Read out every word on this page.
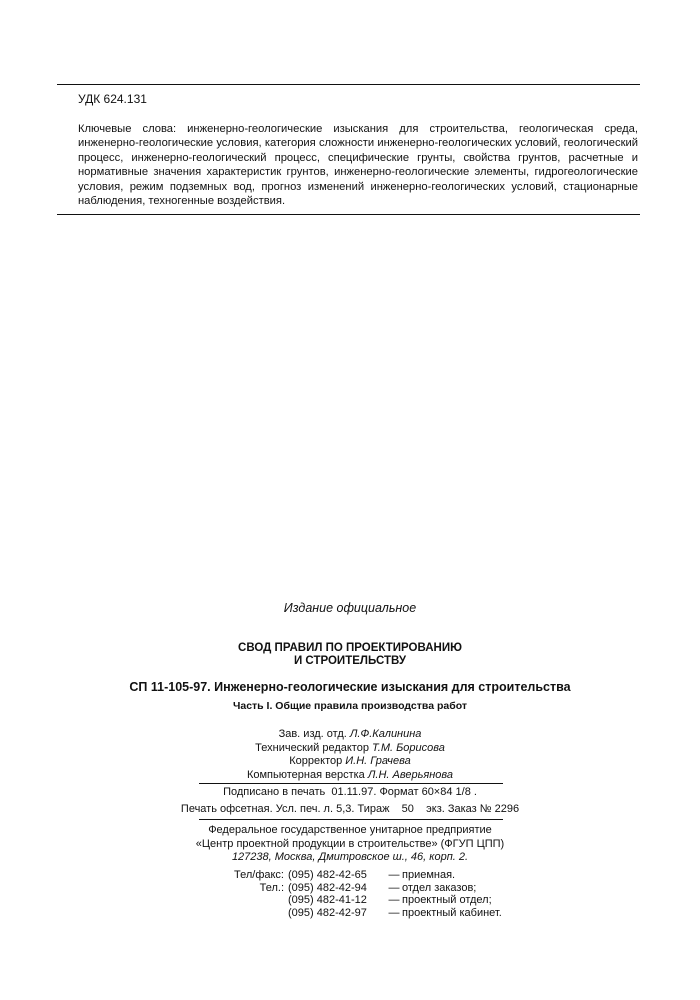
УДК 624.131
Ключевые слова: инженерно-геологические изыскания для строительства, геологическая среда, инженерно-геологические условия, категория сложности инженерно-геологических условий, геологический процесс, инженерно-геологический процесс, специфические грунты, свойства грунтов, расчетные и нормативные значения характеристик грунтов, инженерно-геологические элементы, гидрогеологические условия, режим подземных вод, прогноз изменений инженерно-геологических условий, стационарные наблюдения, техногенные воздействия.
Издание официальное
СВОД ПРАВИЛ ПО ПРОЕКТИРОВАНИЮ
И СТРОИТЕЛЬСТВУ
СП 11-105-97. Инженерно-геологические изыскания для строительства
Часть I. Общие правила производства работ
Зав. изд. отд. Л.Ф.Калинина
Технический редактор Т.М. Борисова
Корректор И.Н. Грачева
Компьютерная верстка Л.Н. Аверьянова
Подписано в печать  01.11.97. Формат 60×84 1/8 .
Печать офсетная. Усл. печ. л. 5,3. Тираж    50    экз. Заказ № 2296
Федеральное государственное унитарное предприятие
«Центр проектной продукции в строительстве» (ФГУП ЦПП)
127238, Москва, Дмитровское ш., 46, корп. 2.
Тел/факс: (095) 482-42-65	— приемная.
Тел.: (095) 482-42-94	— отдел заказов;
(095) 482-41-12	— проектный отдел;
(095) 482-42-97	— проектный кабинет.
